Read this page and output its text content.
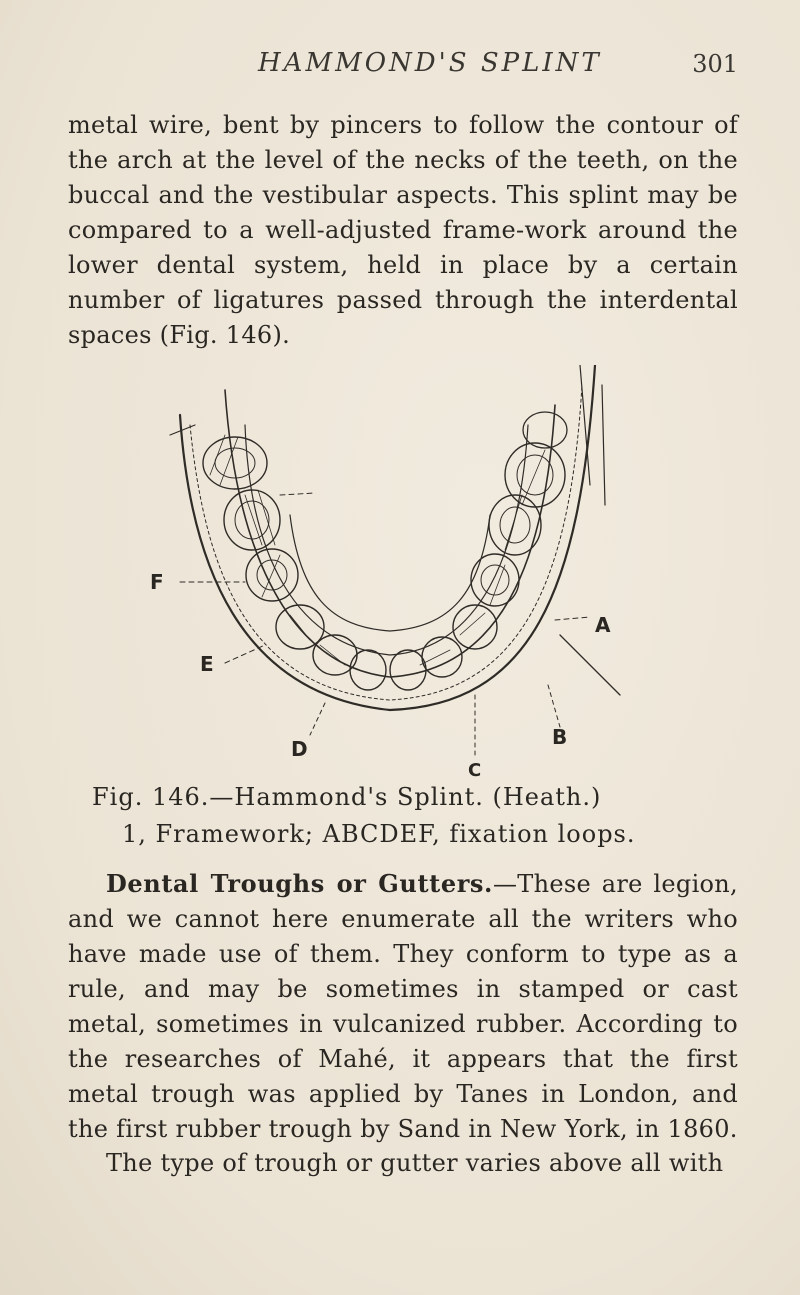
HAMMOND'S SPLINT	301

metal wire, bent by pincers to follow the contour of the arch at the level of the necks of the teeth, on the buccal and the vestibular aspects. This splint may be compared to a well-adjusted frame-work around the lower dental system, held in place by a certain number of ligatures passed through the interdental spaces (Fig. 146).

A
B
C
D
E
F

Fig. 146.—Hammond's Splint. (Heath.)

1, Framework; ABCDEF, fixation loops.

Dental Troughs or Gutters.—These are legion, and we cannot here enumerate all the writers who have made use of them. They conform to type as a rule, and may be sometimes in stamped or cast metal, sometimes in vulcanized rubber. According to the researches of Mahé, it appears that the first metal trough was applied by Tanes in London, and the first rubber trough by Sand in New York, in 1860.

The type of trough or gutter varies above all with
